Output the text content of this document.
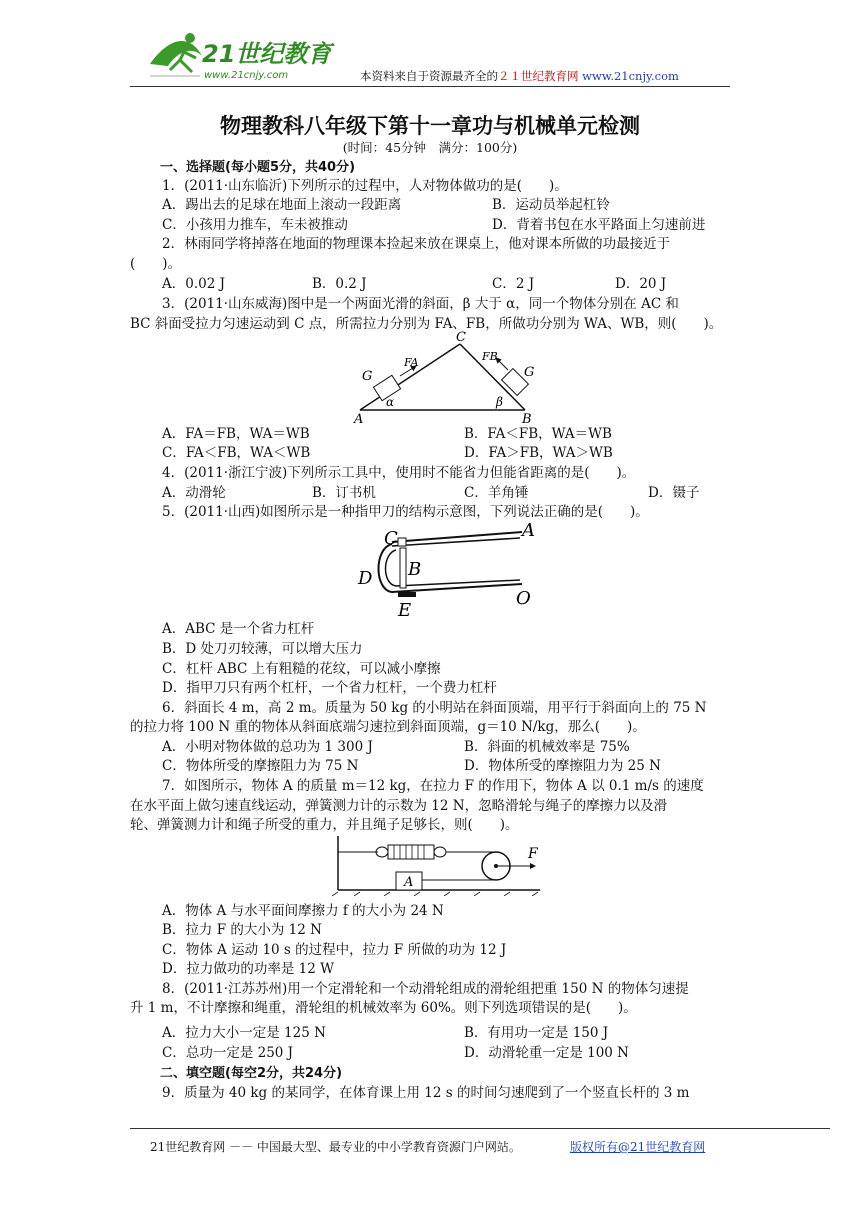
21世纪教育
www.21cnjy.com	本资料来自于资源最齐全的２１世纪教育网 www.21cnjy.com
物理教科八年级下第十一章功与机械单元检测
(时间：45分钟　满分：100分)
一、选择题(每小题5分，共40分)
1．(2011·山东临沂)下列所示的过程中，人对物体做功的是(　　)。
A．踢出去的足球在地面上滚动一段距离	B．运动员举起杠铃
C．小孩用力推车，车未被推动	D．背着书包在水平路面上匀速前进
2．林雨同学将掉落在地面的物理课本捡起来放在课桌上，他对课本所做的功最接近于
(　　)。
A．0.02 J	B．0.2 J	C．2 J	D．20 J
3．(2011·山东威海)图中是一个两面光滑的斜面，β 大于 α，同一个物体分别在 AC 和
BC 斜面受拉力匀速运动到 C 点，所需拉力分别为 FA、FB，所做功分别为 WA、WB，则(　　)。
C
A	B
G	G
FA	FB
α	β
A．FA＝FB，WA＝WB	B．FA＜FB，WA＝WB
C．FA＜FB，WA＜WB	D．FA＞FB，WA＞WB
4．(2011·浙江宁波)下列所示工具中，使用时不能省力但能省距离的是(　　)。
A．动滑轮	B．订书机	C．羊角锤	D．镊子
5．(2011·山西)如图所示是一种指甲刀的结构示意图，下列说法正确的是(　　)。
A
B
C
D
E
O
A．ABC 是一个省力杠杆
B．D 处刀刃较薄，可以增大压力
C．杠杆 ABC 上有粗糙的花纹，可以减小摩擦
D．指甲刀只有两个杠杆，一个省力杠杆，一个费力杠杆
6．斜面长 4 m，高 2 m。质量为 50 kg 的小明站在斜面顶端，用平行于斜面向上的 75 N
的拉力将 100 N 重的物体从斜面底端匀速拉到斜面顶端，g＝10 N/kg，那么(　　)。
A．小明对物体做的总功为 1 300 J	B．斜面的机械效率是 75%
C．物体所受的摩擦阻力为 75 N	D．物体所受的摩擦阻力为 25 N
7．如图所示，物体 A 的质量 m＝12 kg，在拉力 F 的作用下，物体 A 以 0.1 m/s 的速度
在水平面上做匀速直线运动，弹簧测力计的示数为 12 N，忽略滑轮与绳子的摩擦力以及滑
轮、弹簧测力计和绳子所受的重力，并且绳子足够长，则(　　)。
A
F
A．物体 A 与水平面间摩擦力 f 的大小为 24 N
B．拉力 F 的大小为 12 N
C．物体 A 运动 10 s 的过程中，拉力 F 所做的功为 12 J
D．拉力做功的功率是 12 W
8．(2011·江苏苏州)用一个定滑轮和一个动滑轮组成的滑轮组把重 150 N 的物体匀速提
升 1 m，不计摩擦和绳重，滑轮组的机械效率为 60%。则下列选项错误的是(　　)。
A．拉力大小一定是 125 N	B．有用功一定是 150 J
C．总功一定是 250 J	D．动滑轮重一定是 100 N
二、填空题(每空2分，共24分)
9．质量为 40 kg 的某同学，在体育课上用 12 s 的时间匀速爬到了一个竖直长杆的 3 m
21世纪教育网 －－ 中国最大型、最专业的中小学教育资源门户网站。	版权所有@21世纪教育网
